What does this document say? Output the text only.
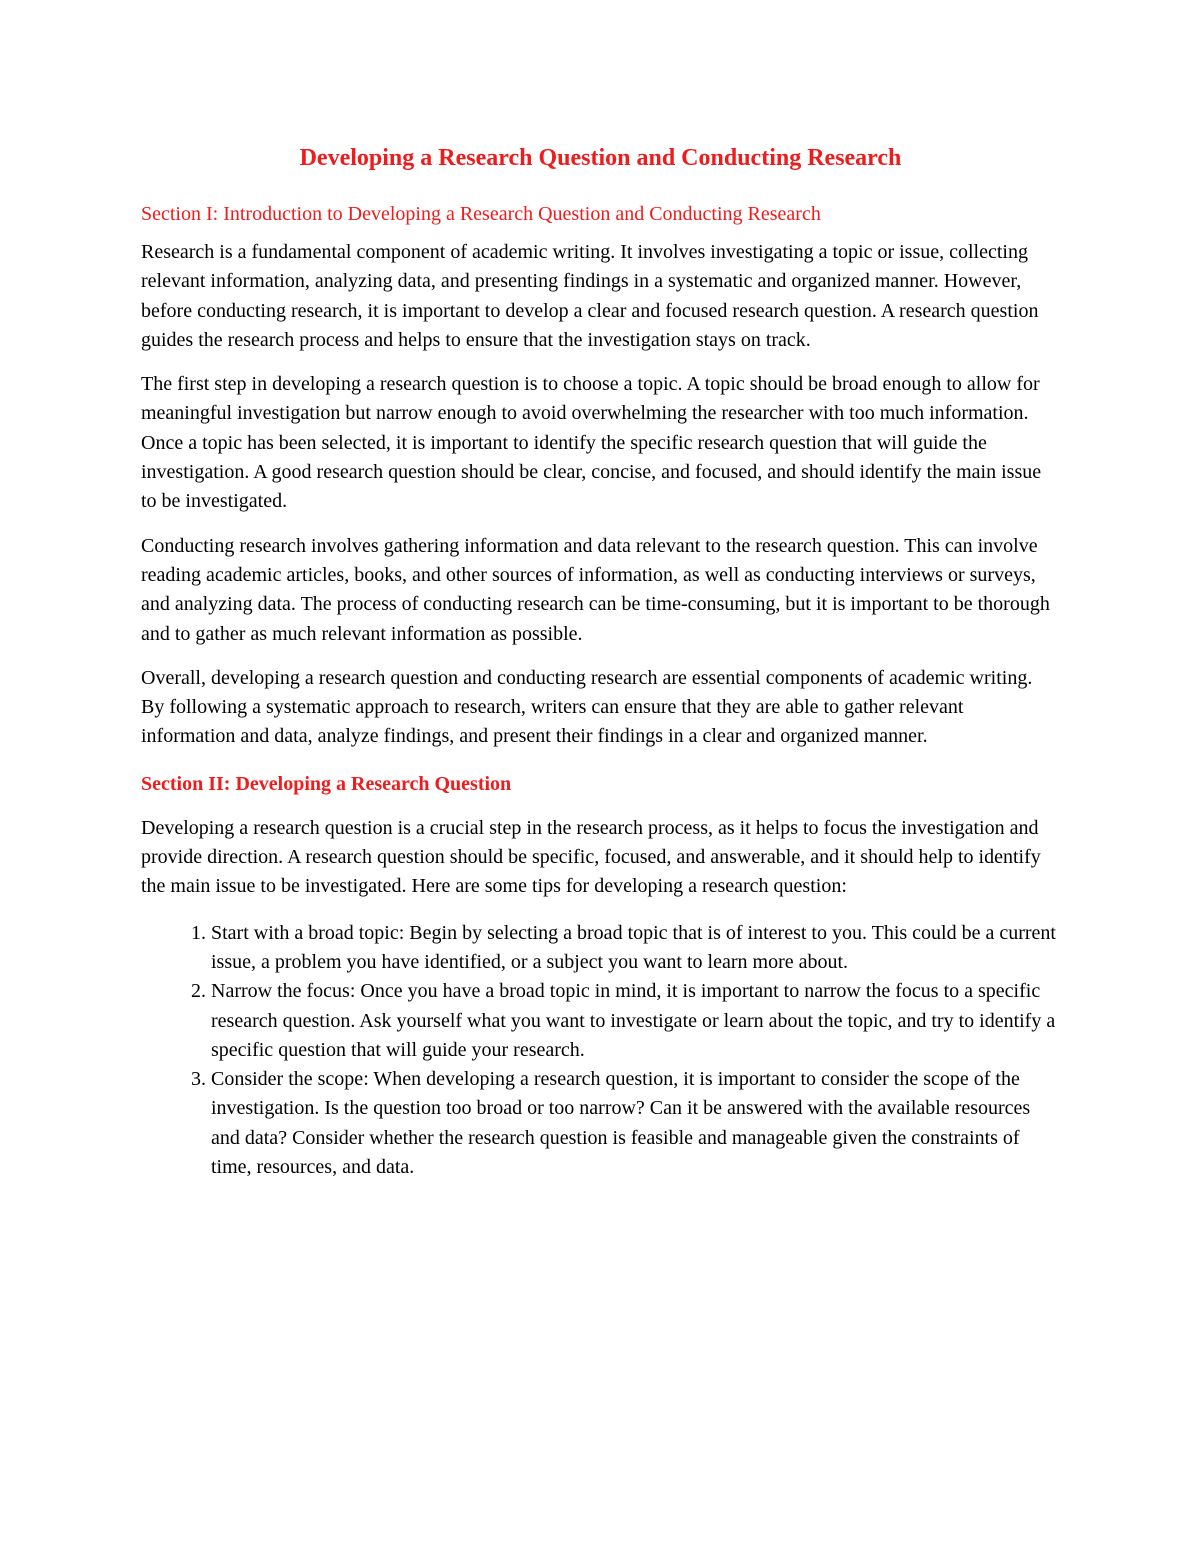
Developing a Research Question and Conducting Research
Section I: Introduction to Developing a Research Question and Conducting Research

Research is a fundamental component of academic writing. It involves investigating a topic or issue, collecting relevant information, analyzing data, and presenting findings in a systematic and organized manner. However, before conducting research, it is important to develop a clear and focused research question. A research question guides the research process and helps to ensure that the investigation stays on track.

The first step in developing a research question is to choose a topic. A topic should be broad enough to allow for meaningful investigation but narrow enough to avoid overwhelming the researcher with too much information. Once a topic has been selected, it is important to identify the specific research question that will guide the investigation. A good research question should be clear, concise, and focused, and should identify the main issue to be investigated.

Conducting research involves gathering information and data relevant to the research question. This can involve reading academic articles, books, and other sources of information, as well as conducting interviews or surveys, and analyzing data. The process of conducting research can be time-consuming, but it is important to be thorough and to gather as much relevant information as possible.

Overall, developing a research question and conducting research are essential components of academic writing. By following a systematic approach to research, writers can ensure that they are able to gather relevant information and data, analyze findings, and present their findings in a clear and organized manner.

Section II: Developing a Research Question

Developing a research question is a crucial step in the research process, as it helps to focus the investigation and provide direction. A research question should be specific, focused, and answerable, and it should help to identify the main issue to be investigated. Here are some tips for developing a research question:

1. Start with a broad topic: Begin by selecting a broad topic that is of interest to you. This could be a current issue, a problem you have identified, or a subject you want to learn more about.
2. Narrow the focus: Once you have a broad topic in mind, it is important to narrow the focus to a specific research question. Ask yourself what you want to investigate or learn about the topic, and try to identify a specific question that will guide your research.
3. Consider the scope: When developing a research question, it is important to consider the scope of the investigation. Is the question too broad or too narrow? Can it be answered with the available resources and data? Consider whether the research question is feasible and manageable given the constraints of time, resources, and data.
